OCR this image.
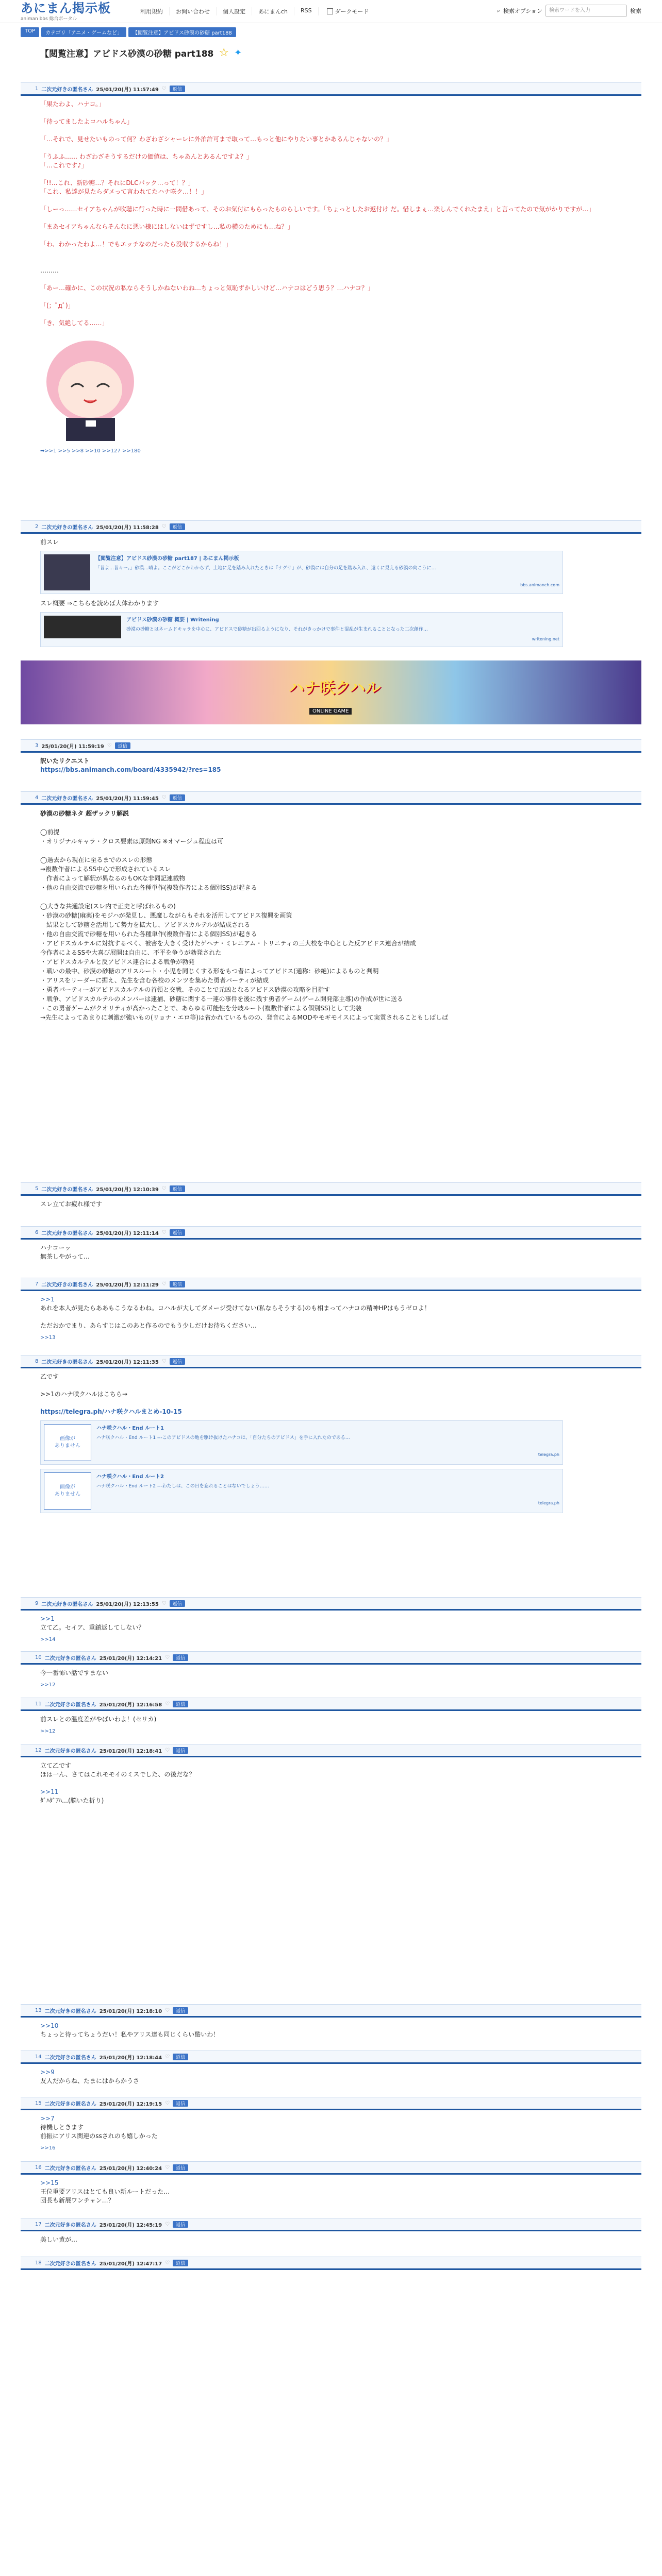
あにまん掲示板
animan bbs 総合ポータル
利用規約	お問い合わせ	個人設定	あにまんch	RSS	ダークモード	⌕ 検索オプション	検索ワードを入力	検索
TOP	カテゴリ「アニメ・ゲームなど」	【閲覧注意】アビドス砂漠の砂糖 part188
【閲覧注意】アビドス砂漠の砂糖 part188 ☆ ✦
1 二次元好きの匿名さん 25/01/20(月) 11:57:49 ♡	返信
「果たわよ、ハナコ。」

「待ってましたよコハルちゃん」

「…それで、見せたいものって何？わざわざシャーレに外泊許可まで取って…もっと他にやりたい事とかあるんじゃないの？」

「うふふ…… わざわざそうするだけの価値は、ちゃあんとあるんですよ？」
「…これです♪」

「!!…これ、新砂糖…？それにDLCパック…って！？」
「これ、私達が見たらダメって言われてたハナ咲ク…！！」

「しーっ……セイアちゃんが吹聴に行った時に一間借あって、そのお気付にもらったものらしいです。「ちょっとしたお返付け だ。惜しまぇ…楽しんでくれたまえ」と言ってたので気がかりですが…」

「まあセイアちゃんならそんなに悪い様にはしないはずですし…私の横のためにも…ね？」

「わ、わかったわよ…！でもエッチなのだったら没収するからね！」

………

「あー…確かに、この状況の私ならそうしかねないわね…ちょっと気恥ずかしいけど…ハナコはどう思う？…ハナコ？」

「(；ﾟдﾟ)」

「き、気絶してる……」
➡>>1 >>5 >>8 >>10 >>127 >>180
2 二次元好きの匿名さん 25/01/20(月) 11:58:28 ♡	返信
前スレ
【閲覧注意】アビドス砂漠の砂糖 part187 | あにまん掲示板
「昔よ…昔々ー。」砂漠…晴よ。ここがどこかわからず、土地に足を踏み入れたときは『ナグサ』が、砂漠には自分の足を踏み入れ、遠くに見える砂漠の向こうに…
bbs.animanch.com
スレ概要 ⇒こちらを読めば大体わかります
アビドス砂漠の砂糖 概要 | Writening
砂漠の砂糖とはネームドキャラを中心に、アビドスで砂糖が出回るようになり、それがきっかけで事件と混乱が生まれることとなった二次創作…
writening.net
ハナ咲クハル
ONLINE GAME
3 25/01/20(月) 11:59:19 ♡	返信
訳いたリクエスト
https://bbs.animanch.com/board/4335942/?res=185
4 二次元好きの匿名さん 25/01/20(月) 11:59:45 ♡	返信
砂漠の砂糖ネタ 超ザックリ解説

◯前提
・オリジナルキャラ・クロス要素は原則NG ※オマージュ程度は可

◯過去から現在に至るまでのスレの形態
→複数作者によるSS中心で形成されているスレ
　作者によって解釈が異なるのもOKな非同記連載物
・他の自由交流で砂糖を用いられた各種単作(複数作者による個別SS)が起きる

◯大きな共通設定(スレ内で正史と呼ばれるもの)
・砂漠の砂糖(麻薬)をモジハが発見し、悪魔しながらもそれを活用してアビドス復興を画策
　結果として砂糖を活用して勢力を拡大し、アビドスカルテルが結成される
・他の自由交流で砂糖を用いられた各種単作(複数作者による個別SS)が起きる
・アビドスカルテルに対抗するべく、被害を大きく受けたゲヘナ・ミレニアム・トリニティの三大校を中心とした反アビドス連合が結成
今作者によるSSや大喜び展開は自由に、不平を争うが勃発された
・アビドスカルテルと反アビドス連合による戦争が勃発
・戦いの最中、砂漠の砂糖のアリスルート・小児を同じくする形をもつ者によってアビドス(通称：砂絶)によるものと判明
・アリスをリーダーに据え、先生を含む各校のメンツを集めた勇者パーティが結成
・勇者パーティーがアビドスカルテルの首領と交戦、そのことで元凶となるアビドス砂漠の攻略を目指す
・戦争、アビドスカルテルのメンバーは逮捕、砂糖に関する一連の事件を後に残す勇者ゲーム(ゲーム開発部主導)の作成が世に送る
・この勇者ゲームがクオリティが高かったことで、あらゆる可能性を分岐ルート(複数作者による個別SS)として実装
→先生によってあまりに刺激が強いもの(リョナ・エロ等)は省かれているものの、発音によるMODやモギモイスによって実質されることもしばしば
5 二次元好きの匿名さん 25/01/20(月) 12:10:39 ♡	返信
スレ立てお疲れ様です
6 二次元好きの匿名さん 25/01/20(月) 12:11:14 ♡	返信
ハナコーッ
無茶しやがって…
7 二次元好きの匿名さん 25/01/20(月) 12:11:29 ♡	返信
>>1
あれを本人が見たらああもこうなるわね。コハルが大してダメージ受けてない(私ならそうする)のも相まってハナコの精神HPはもうゼロよ！

ただおかでまり、あらすじはこのあと作るのでもう少しだけお待ちください…
>>13
8 二次元好きの匿名さん 25/01/20(月) 12:11:35 ♡	返信
乙です

>>1のハナ咲クハルはこちら→

https://telegra.ph/ハナ咲クハルまとめ-10-15
画像が
ありません
ハナ咲クハル・End ルート1
ハナ咲クハル・End ルート1 ---このアビドスの地を駆け抜けたハナコは、「自分たちのアビドス」を手に入れたのである…
telegra.ph
画像が
ありません
ハナ咲クハル・End ルート2
ハナ咲クハル・End ルート2 ---わたしは、この日を忘れることはないでしょう……
telegra.ph
9 二次元好きの匿名さん 25/01/20(月) 12:13:55 ♡	返信
>>1
立て乙。セイア、重鎮返してしない？
>>14
10 二次元好きの匿名さん 25/01/20(月) 12:14:21 ♡	返信
今一番怖い話ですまない
>>12
11 二次元好きの匿名さん 25/01/20(月) 12:16:58 ♡	返信
前スレとの温度差がやばいわよ！(セリカ)
>>12
12 二次元好きの匿名さん 25/01/20(月) 12:18:41 ♡	返信
立て乙です
ほは一ん、さてはこれモモイのミスでした、の後だな？

>>11
ﾀﾞﾊﾀﾞｱﾊ…(脳いた折り)
13 二次元好きの匿名さん 25/01/20(月) 12:18:10 ♡	返信
>>10
ちょっと待ってちょうだい！私やアリス達も同じくらい酷いわ！
14 二次元好きの匿名さん 25/01/20(月) 12:18:44 ♡	返信
>>9
友人だからね、たまにはからかうさ
15 二次元好きの匿名さん 25/01/20(月) 12:19:15 ♡	返信
>>7
待機しときます
前振にアリス関連のssされのも嬉しかった
>>16
16 二次元好きの匿名さん 25/01/20(月) 12:40:24 ♡	返信
>>15
王位重要アリスはとても良い新ルートだった…
団長も新展ワンチャン…？
17 二次元好きの匿名さん 25/01/20(月) 12:45:19 ♡	返信
美しい黄が…
18 二次元好きの匿名さん 25/01/20(月) 12:47:17 ♡	返信
